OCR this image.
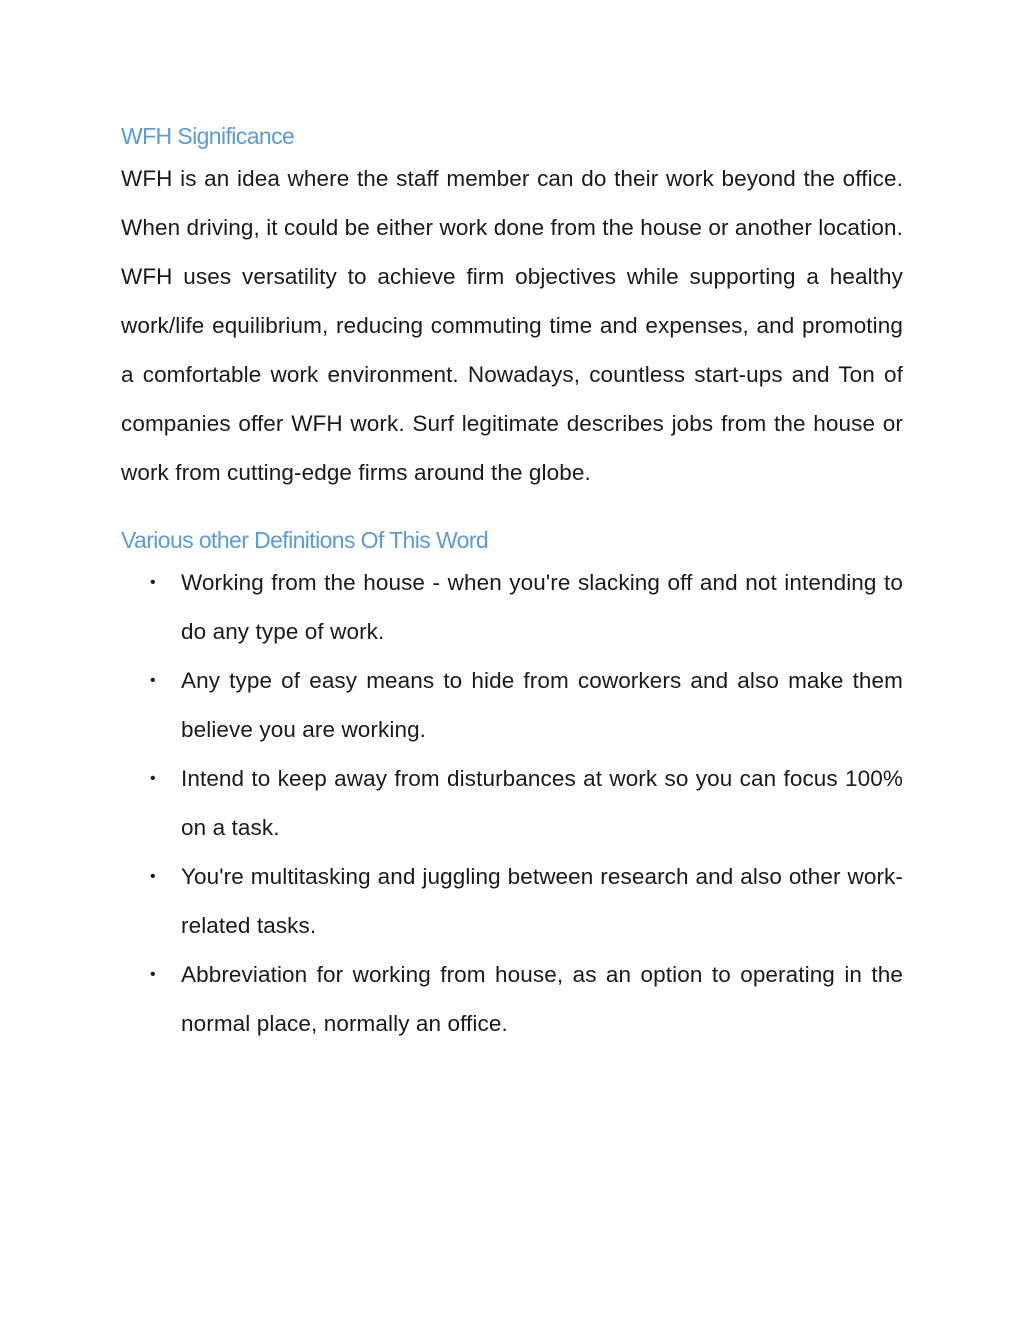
WFH Significance

WFH is an idea where the staff member can do their work beyond the office. When driving, it could be either work done from the house or another location. WFH uses versatility to achieve firm objectives while supporting a healthy work/life equilibrium, reducing commuting time and expenses, and promoting a comfortable work environment. Nowadays, countless start-ups and Ton of companies offer WFH work. Surf legitimate describes jobs from the house or work from cutting-edge firms around the globe.

Various other Definitions Of This Word
• Working from the house - when you're slacking off and not intending to do any type of work.
• Any type of easy means to hide from coworkers and also make them believe you are working.
• Intend to keep away from disturbances at work so you can focus 100% on a task.
• You're multitasking and juggling between research and also other work-related tasks.
• Abbreviation for working from house, as an option to operating in the normal place, normally an office.
